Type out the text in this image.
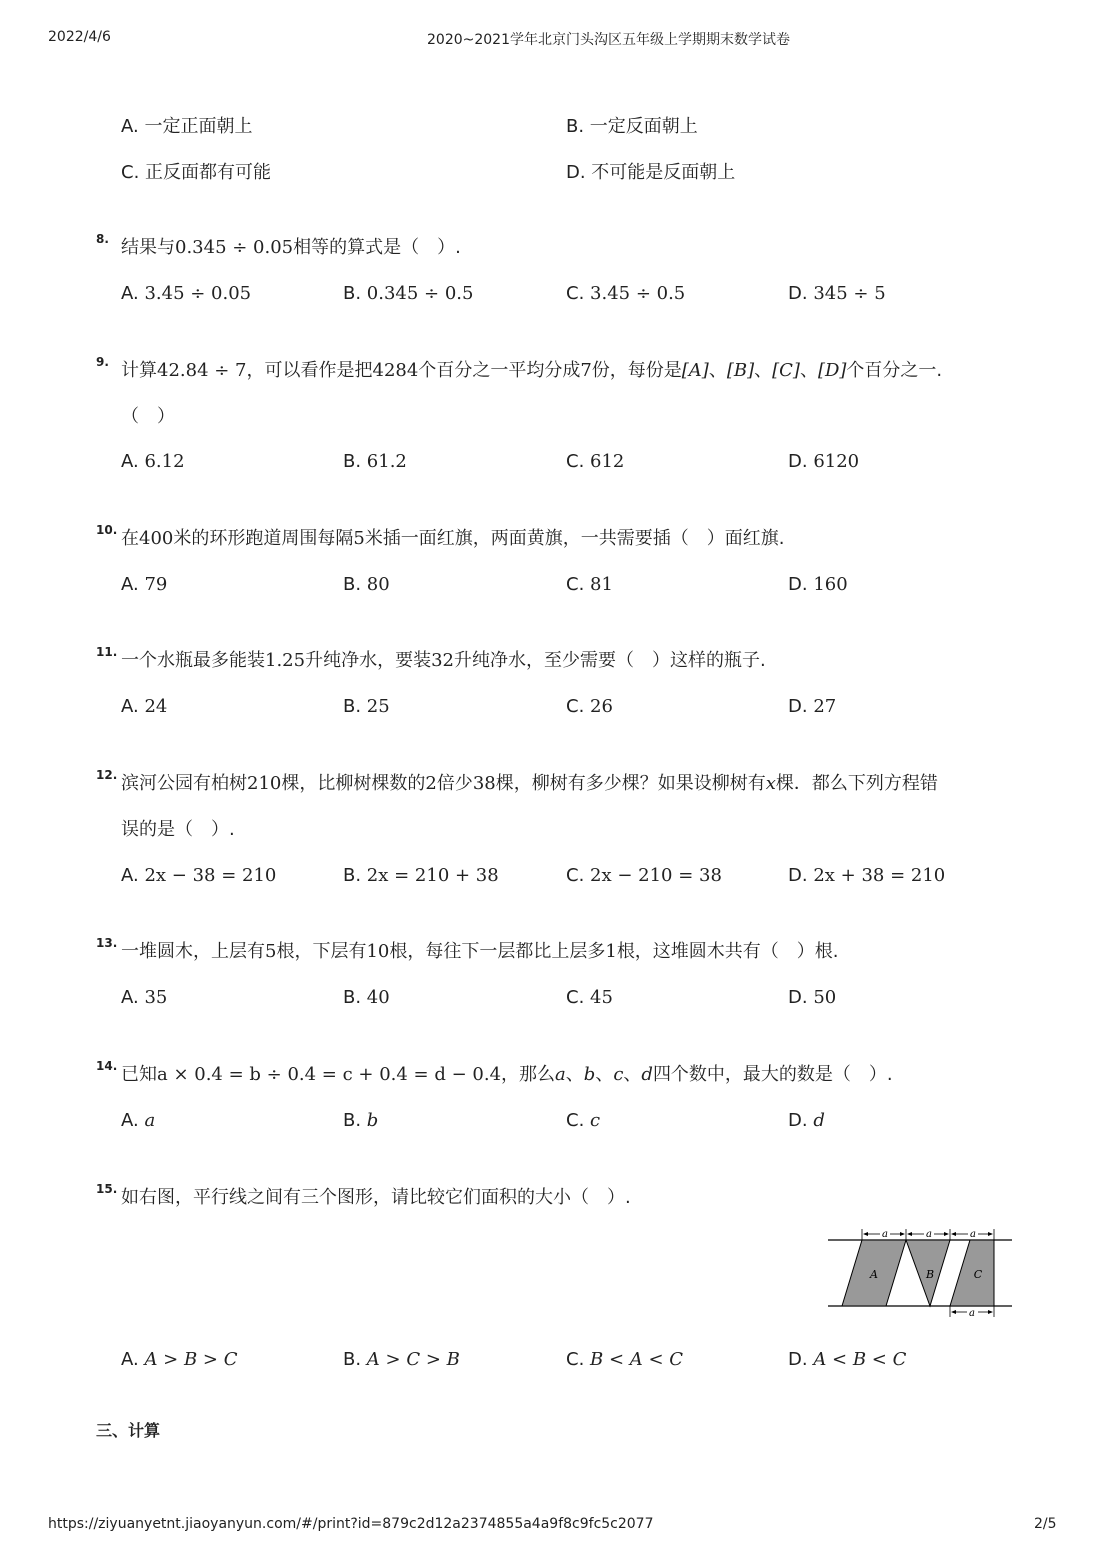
2022/4/6	2020~2021学年北京门头沟区五年级上学期期末数学试卷
A. 一定正面朝上	B. 一定反面朝上
C. 正反面都有可能	D. 不可能是反面朝上
8. 结果与0.345 ÷ 0.05相等的算式是（　）.
A. 3.45 ÷ 0.05	B. 0.345 ÷ 0.5	C. 3.45 ÷ 0.5	D. 345 ÷ 5
9. 计算42.84 ÷ 7，可以看作是把4284个百分之一平均分成7份，每份是[A]、[B]、[C]、[D]个百分之一.
（　）
A. 6.12	B. 61.2	C. 612	D. 6120
10. 在400米的环形跑道周围每隔5米插一面红旗，两面黄旗，一共需要插（　）面红旗.
A. 79	B. 80	C. 81	D. 160
11. 一个水瓶最多能装1.25升纯净水，要装32升纯净水，至少需要（　）这样的瓶子.
A. 24	B. 25	C. 26	D. 27
12. 滨河公园有柏树210棵，比柳树棵数的2倍少38棵，柳树有多少棵？如果设柳树有x棵．都么下列方程错
误的是（　）.
A. 2x − 38 = 210	B. 2x = 210 + 38	C. 2x − 210 = 38	D. 2x + 38 = 210
13. 一堆圆木，上层有5根，下层有10根，每往下一层都比上层多1根，这堆圆木共有（　）根.
A. 35	B. 40	C. 45	D. 50
14. 已知a × 0.4 = b ÷ 0.4 = c + 0.4 = d − 0.4，那么a、b、c、d四个数中，最大的数是（　）.
A. a	B. b	C. c	D. d
15. 如右图，平行线之间有三个图形，请比较它们面积的大小（　）.
A. A > B > C	B. A > C > B	C. B < A < C	D. A < B < C
a	a	a
a
A	B	C
三、计算
https://ziyuanyetnt.jiaoyanyun.com/#/print?id=879c2d12a2374855a4a9f8c9fc5c2077	2/5
